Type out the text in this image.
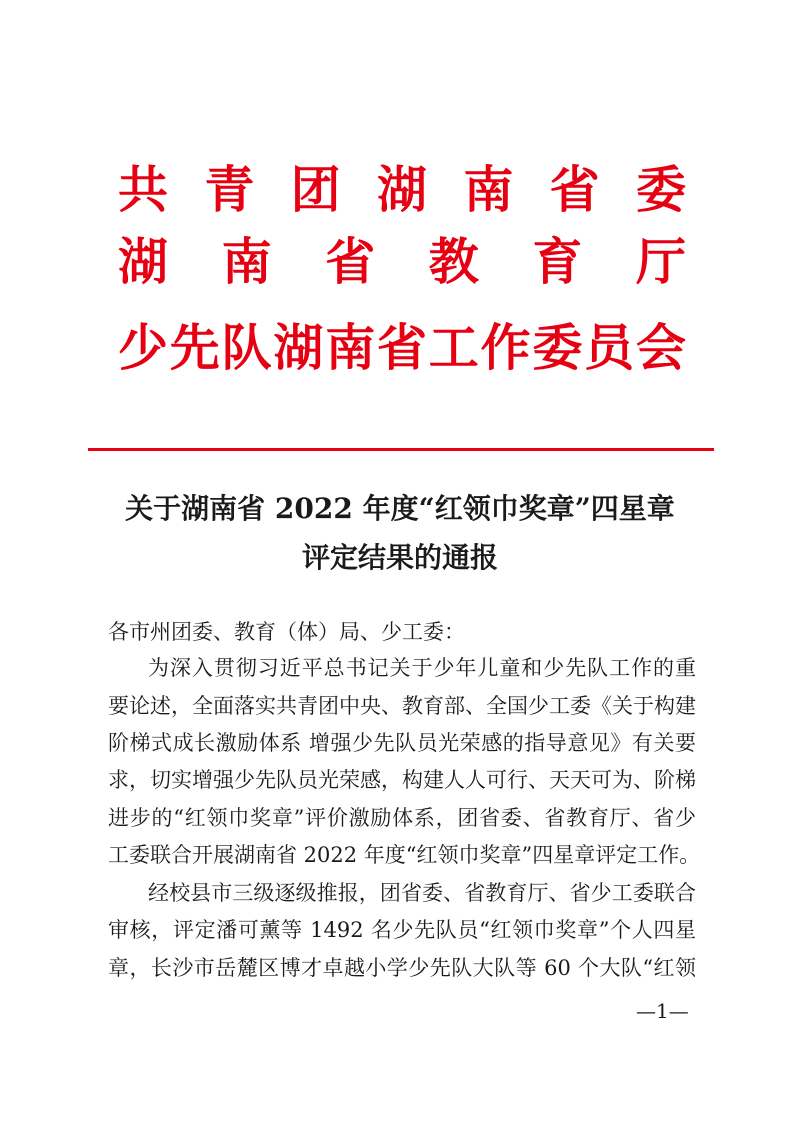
共 青 团 湖 南 省 委
湖 南 省 教 育 厅
少 先 队 湖 南 省 工 作 委 员 会
关于湖南省 2022 年度“红领巾奖章”四星章
评定结果的通报
各市州团委、教育（体）局、少工委：
为深入贯彻习近平总书记关于少年儿童和少先队工作的重
要论述，全面落实共青团中央、教育部、全国少工委《关于构建
阶梯式成长激励体系 增强少先队员光荣感的指导意见》有关要
求，切实增强少先队员光荣感，构建人人可行、天天可为、阶梯
进步的“红领巾奖章”评价激励体系，团省委、省教育厅、省少
工委联合开展湖南省 2022 年度“红领巾奖章”四星章评定工作。
经校县市三级逐级推报，团省委、省教育厅、省少工委联合
审核，评定潘可薰等 1492 名少先队员“红领巾奖章”个人四星
章，长沙市岳麓区博才卓越小学少先队大队等 60 个大队“红领
—1—
